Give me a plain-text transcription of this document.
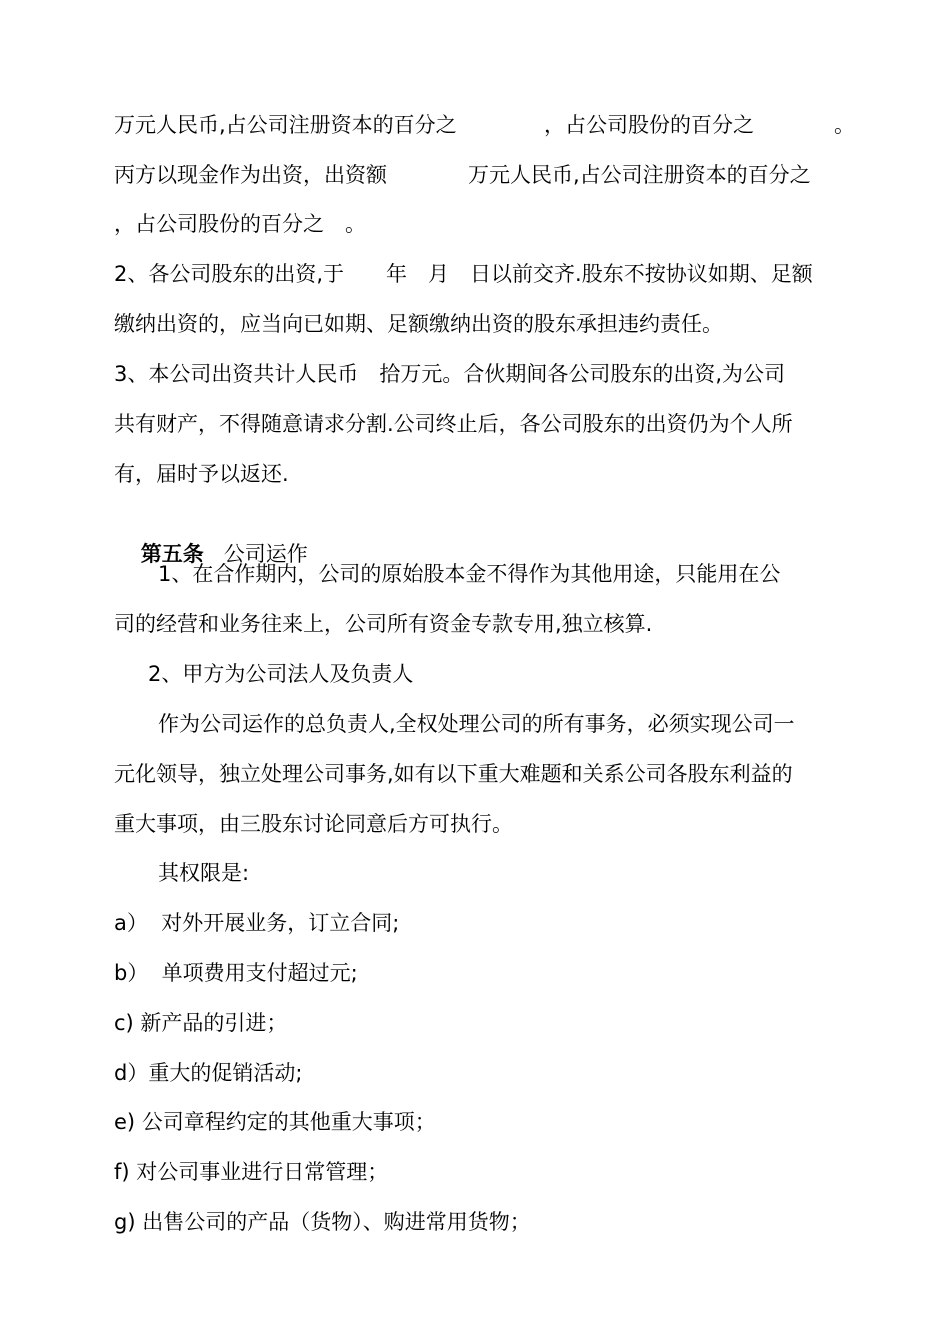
万元人民币,占公司注册资本的百分之

	，占公司股份的百分之

	。

丙方以现金作为出资，出资额

	万元人民币,占公司注册资本的百分之

，占公司股份的百分之　。
2、各公司股东的出资,于　　年　月　日以前交齐.股东不按协议如期、足额
缴纳出资的，应当向已如期、足额缴纳出资的股东承担违约责任。
3、本公司出资共计人民币　拾万元。合伙期间各公司股东的出资,为公司
共有财产，不得随意请求分割.公司终止后，各公司股东的出资仍为个人所
有，届时予以返还.

第五条 公司运作

1、在合作期内，公司的原始股本金不得作为其他用途，只能用在公
司的经营和业务往来上，公司所有资金专款专用,独立核算.
2、甲方为公司法人及负责人
作为公司运作的总负责人,全权处理公司的所有事务，必须实现公司一
元化领导，独立处理公司事务,如有以下重大难题和关系公司各股东利益的
重大事项，由三股东讨论同意后方可执行。
其权限是:
a）  对外开展业务，订立合同;
b）  单项费用支付超过元;
c) 新产品的引进；
d）重大的促销活动;
e) 公司章程约定的其他重大事项；
f) 对公司事业进行日常管理；
g) 出售公司的产品（货物）、购进常用货物；
